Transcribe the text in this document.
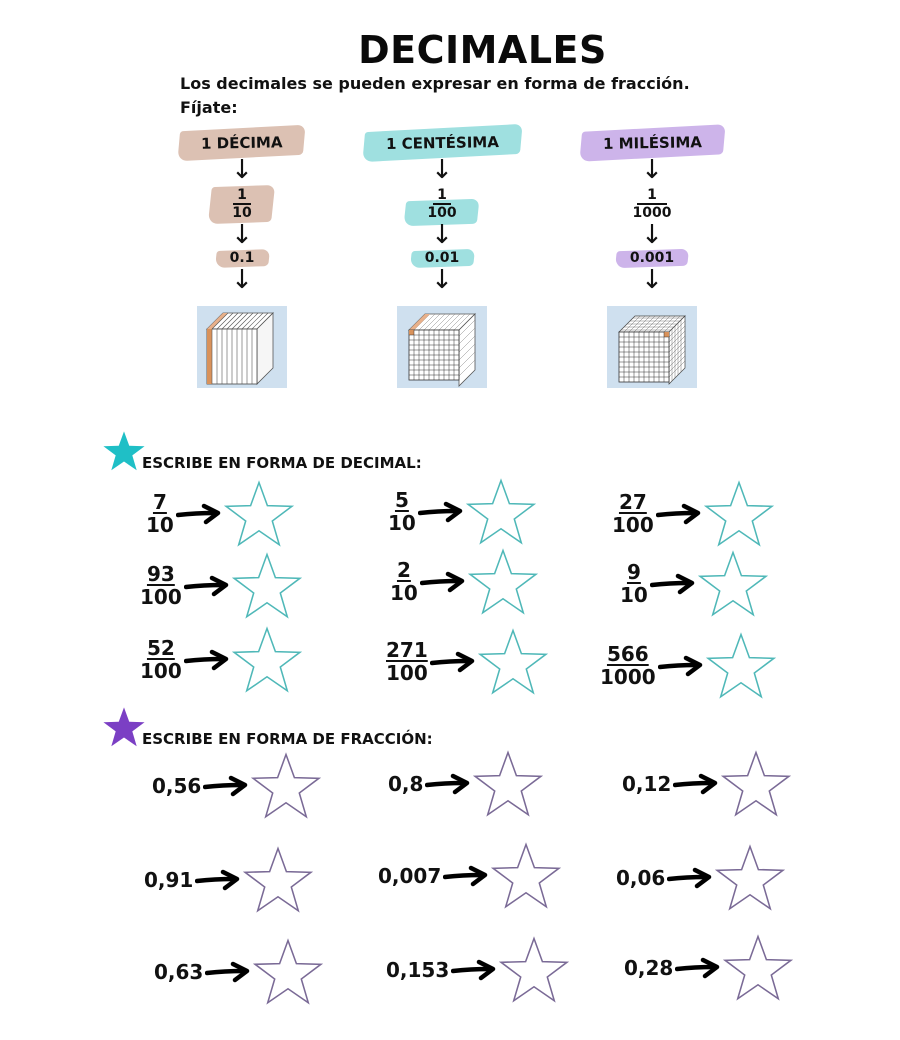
DECIMALES
Los decimales se pueden expresar en forma de fracción.
Fíjate:
1 DÉCIMA
↓
$\frac{1}{10}$
↓
0.1
↓
1 CENTÉSIMA
↓
$\frac{1}{100}$
↓
0.01
↓
1 MILÉSIMA
↓
$\frac{1}{1000}$
↓
0.001
↓
ESCRIBE EN FORMA DE DECIMAL:
$\frac{7}{10}$	$\frac{5}{10}$	$\frac{27}{100}$
$\frac{93}{100}$	$\frac{2}{10}$	$\frac{9}{10}$
$\frac{52}{100}$	$\frac{271}{100}$	$\frac{566}{1000}$
ESCRIBE EN FORMA DE FRACCIÓN:
0,56	0,8	0,12
0,91	0,007	0,06
0,63	0,153	0,28
